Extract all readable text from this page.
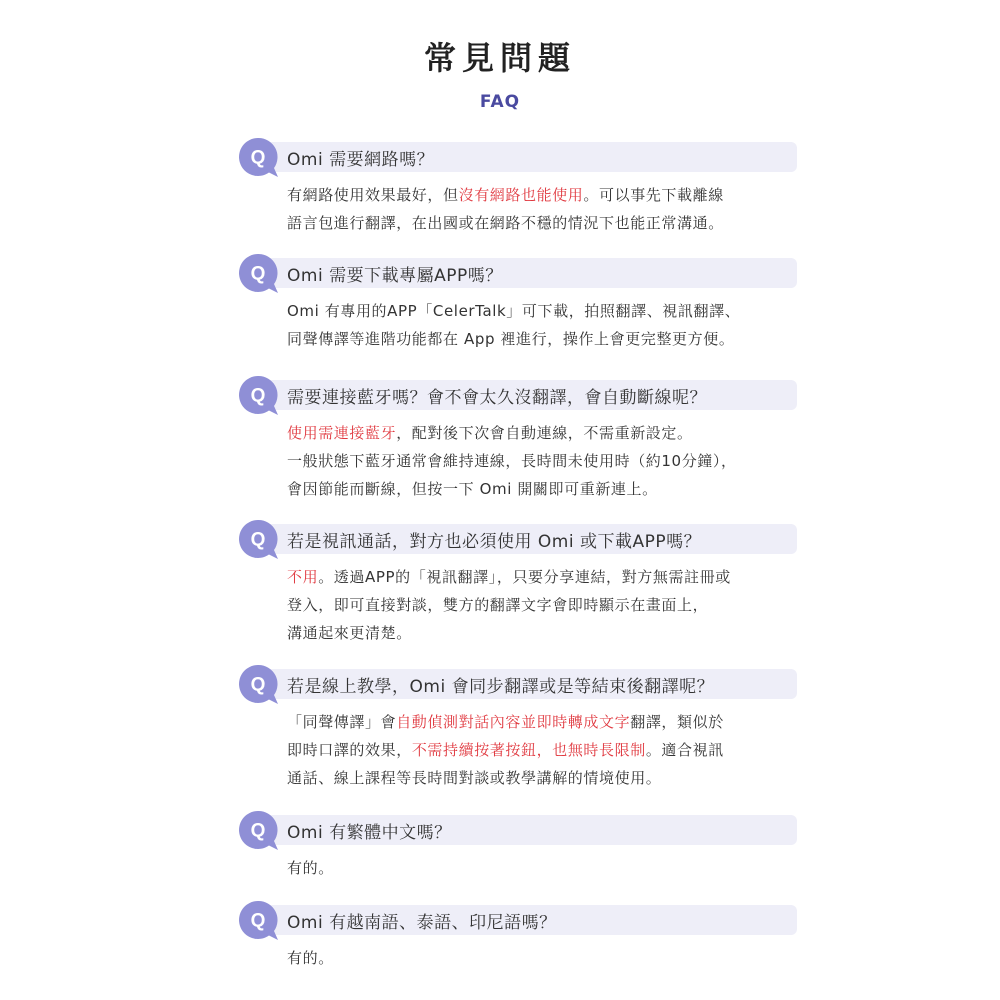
常見問題
FAQ
Q Omi 需要網路嗎？
有網路使用效果最好，但沒有網路也能使用。可以事先下載離線
語言包進行翻譯，在出國或在網路不穩的情況下也能正常溝通。
Q Omi 需要下載專屬APP嗎？
Omi 有專用的APP「CelerTalk」可下載，拍照翻譯、視訊翻譯、
同聲傳譯等進階功能都在 App 裡進行，操作上會更完整更方便。
Q 需要連接藍牙嗎？會不會太久沒翻譯，會自動斷線呢？
使用需連接藍牙，配對後下次會自動連線，不需重新設定。
一般狀態下藍牙通常會維持連線，長時間未使用時（約10分鐘），
會因節能而斷線，但按一下 Omi 開關即可重新連上。
Q 若是視訊通話，對方也必須使用 Omi 或下載APP嗎？
不用。透過APP的「視訊翻譯」，只要分享連結，對方無需註冊或
登入，即可直接對談，雙方的翻譯文字會即時顯示在畫面上，
溝通起來更清楚。
Q 若是線上教學，Omi 會同步翻譯或是等結束後翻譯呢？
「同聲傳譯」會自動偵測對話內容並即時轉成文字翻譯，類似於
即時口譯的效果，不需持續按著按鈕，也無時長限制。適合視訊
通話、線上課程等長時間對談或教學講解的情境使用。
Q Omi 有繁體中文嗎？
有的。
Q Omi 有越南語、泰語、印尼語嗎？
有的。
